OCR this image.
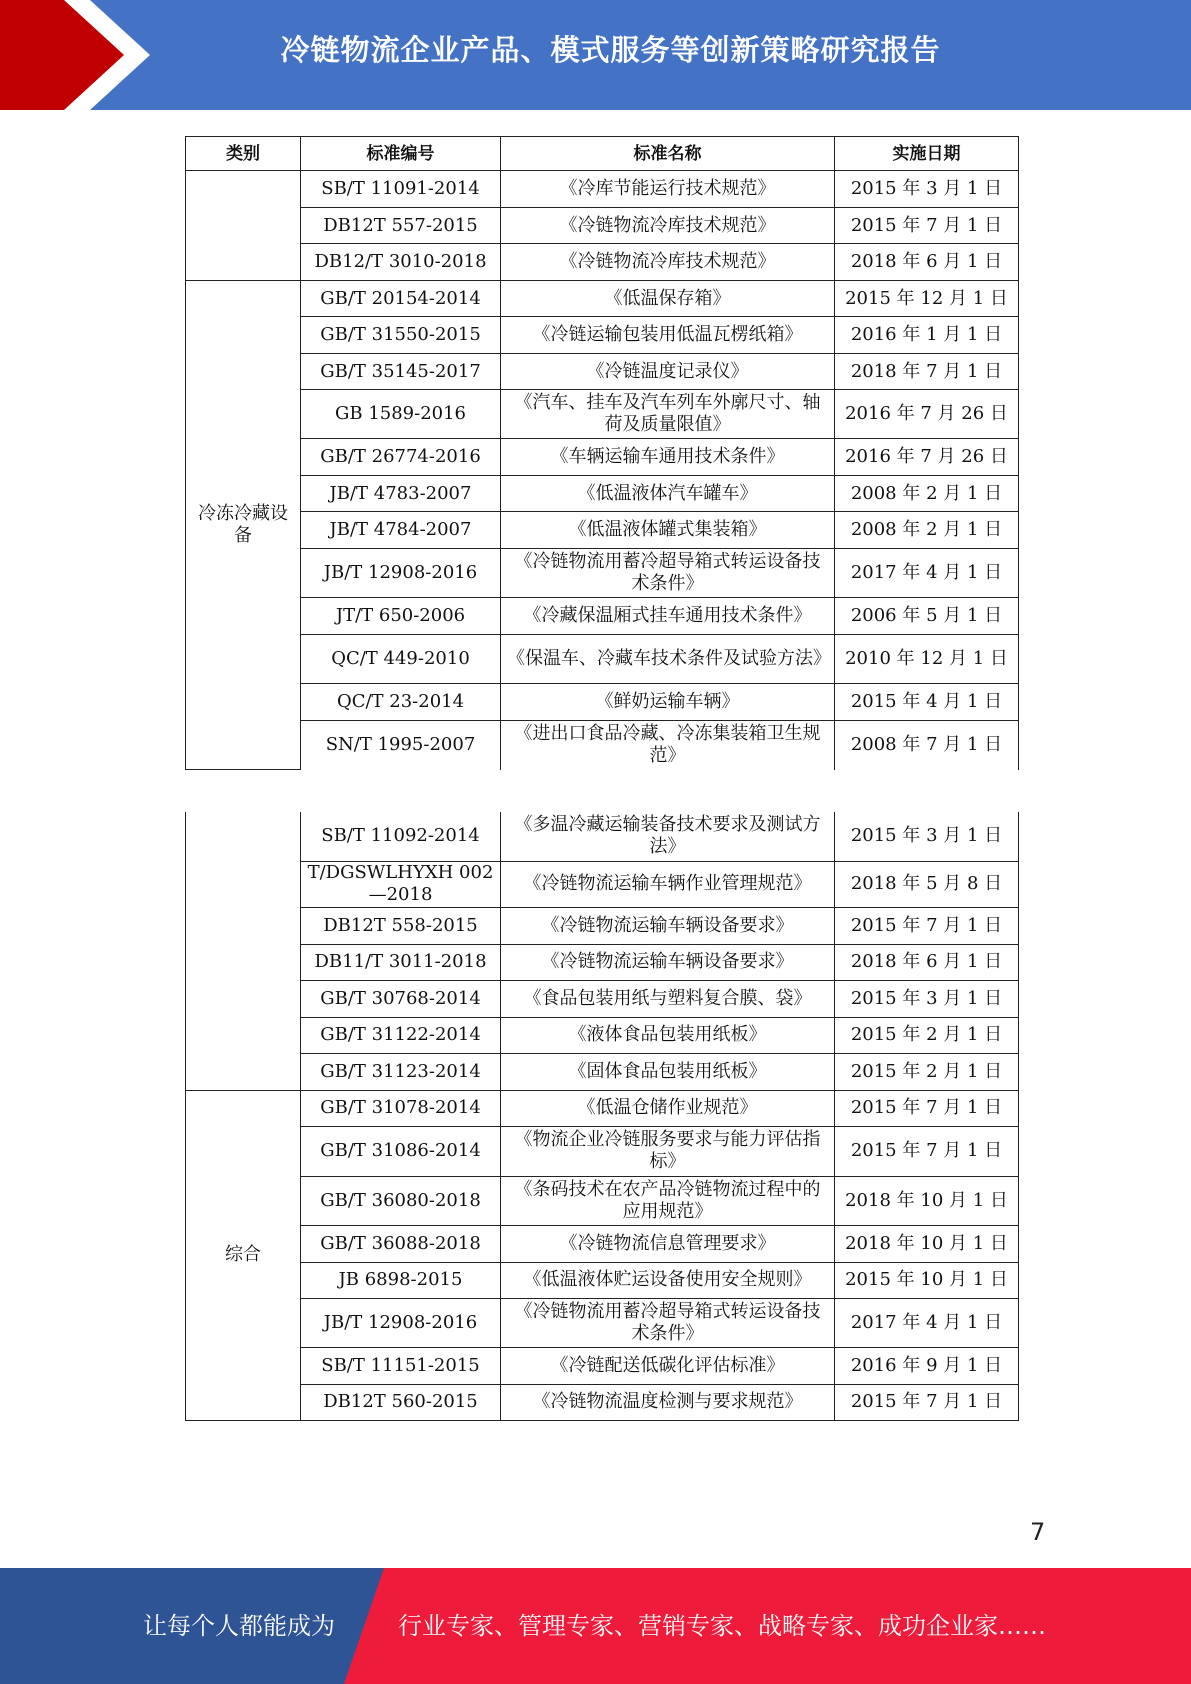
冷链物流企业产品、模式服务等创新策略研究报告
类别	标准编号	标准名称	实施日期
	SB/T 11091-2014	《冷库节能运行技术规范》	2015 年 3 月 1 日
	DB12T 557-2015	《冷链物流冷库技术规范》	2015 年 7 月 1 日
	DB12/T 3010-2018	《冷链物流冷库技术规范》	2018 年 6 月 1 日
冷冻冷藏设备	GB/T 20154-2014	《低温保存箱》	2015 年 12 月 1 日
	GB/T 31550-2015	《冷链运输包装用低温瓦楞纸箱》	2016 年 1 月 1 日
	GB/T 35145-2017	《冷链温度记录仪》	2018 年 7 月 1 日
	GB 1589-2016	《汽车、挂车及汽车列车外廓尺寸、轴荷及质量限值》	2016 年 7 月 26 日
	GB/T 26774-2016	《车辆运输车通用技术条件》	2016 年 7 月 26 日
	JB/T 4783-2007	《低温液体汽车罐车》	2008 年 2 月 1 日
	JB/T 4784-2007	《低温液体罐式集装箱》	2008 年 2 月 1 日
	JB/T 12908-2016	《冷链物流用蓄冷超导箱式转运设备技术条件》	2017 年 4 月 1 日
	JT/T 650-2006	《冷藏保温厢式挂车通用技术条件》	2006 年 5 月 1 日
	QC/T 449-2010	《保温车、冷藏车技术条件及试验方法》	2010 年 12 月 1 日
	QC/T 23-2014	《鲜奶运输车辆》	2015 年 4 月 1 日
	SN/T 1995-2007	《进出口食品冷藏、冷冻集装箱卫生规范》	2008 年 7 月 1 日
	SB/T 11092-2014	《多温冷藏运输装备技术要求及测试方法》	2015 年 3 月 1 日
	T/DGSWLHYXH 002—2018	《冷链物流运输车辆作业管理规范》	2018 年 5 月 8 日
	DB12T 558-2015	《冷链物流运输车辆设备要求》	2015 年 7 月 1 日
	DB11/T 3011-2018	《冷链物流运输车辆设备要求》	2018 年 6 月 1 日
	GB/T 30768-2014	《食品包装用纸与塑料复合膜、袋》	2015 年 3 月 1 日
	GB/T 31122-2014	《液体食品包装用纸板》	2015 年 2 月 1 日
	GB/T 31123-2014	《固体食品包装用纸板》	2015 年 2 月 1 日
综合	GB/T 31078-2014	《低温仓储作业规范》	2015 年 7 月 1 日
	GB/T 31086-2014	《物流企业冷链服务要求与能力评估指标》	2015 年 7 月 1 日
	GB/T 36080-2018	《条码技术在农产品冷链物流过程中的应用规范》	2018 年 10 月 1 日
	GB/T 36088-2018	《冷链物流信息管理要求》	2018 年 10 月 1 日
	JB 6898-2015	《低温液体贮运设备使用安全规则》	2015 年 10 月 1 日
	JB/T 12908-2016	《冷链物流用蓄冷超导箱式转运设备技术条件》	2017 年 4 月 1 日
	SB/T 11151-2015	《冷链配送低碳化评估标准》	2016 年 9 月 1 日
	DB12T 560-2015	《冷链物流温度检测与要求规范》	2015 年 7 月 1 日
7
让每个人都能成为	行业专家、管理专家、营销专家、战略专家、成功企业家……
